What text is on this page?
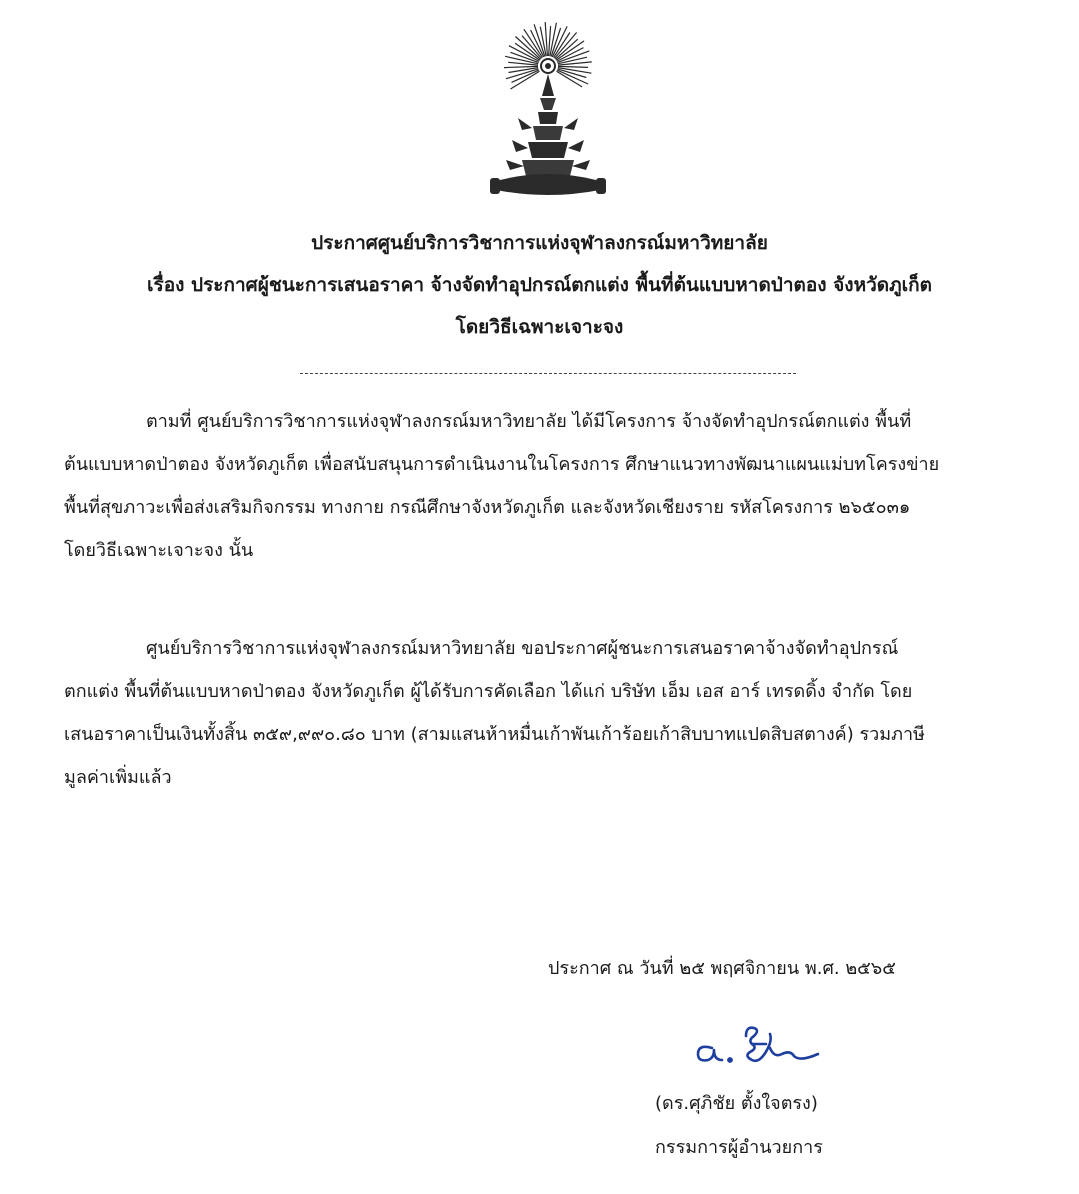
ประกาศศูนย์บริการวิชาการแห่งจุฬาลงกรณ์มหาวิทยาลัย
เรื่อง ประกาศผู้ชนะการเสนอราคา จ้างจัดทำอุปกรณ์ตกแต่ง พื้นที่ต้นแบบหาดป่าตอง จังหวัดภูเก็ต
โดยวิธีเฉพาะเจาะจง
ตามที่ ศูนย์บริการวิชาการแห่งจุฬาลงกรณ์มหาวิทยาลัย ได้มีโครงการ จ้างจัดทำอุปกรณ์ตกแต่ง พื้นที่
ต้นแบบหาดป่าตอง จังหวัดภูเก็ต เพื่อสนับสนุนการดำเนินงานในโครงการ ศึกษาแนวทางพัฒนาแผนแม่บทโครงข่าย
พื้นที่สุขภาวะเพื่อส่งเสริมกิจกรรม ทางกาย กรณีศึกษาจังหวัดภูเก็ต และจังหวัดเชียงราย รหัสโครงการ ๒๖๕๐๓๑
โดยวิธีเฉพาะเจาะจง นั้น
ศูนย์บริการวิชาการแห่งจุฬาลงกรณ์มหาวิทยาลัย ขอประกาศผู้ชนะการเสนอราคาจ้างจัดทำอุปกรณ์
ตกแต่ง พื้นที่ต้นแบบหาดป่าตอง จังหวัดภูเก็ต ผู้ได้รับการคัดเลือก ได้แก่ บริษัท เอ็ม เอส อาร์ เทรดดิ้ง จำกัด โดย
เสนอราคาเป็นเงินทั้งสิ้น ๓๕๙,๙๙๐.๘๐ บาท (สามแสนห้าหมื่นเก้าพันเก้าร้อยเก้าสิบบาทแปดสิบสตางค์) รวมภาษี
มูลค่าเพิ่มแล้ว
ประกาศ ณ วันที่ ๒๕ พฤศจิกายน พ.ศ. ๒๕๖๕
(ดร.ศุภิชัย ตั้งใจตรง)
กรรมการผู้อำนวยการ
